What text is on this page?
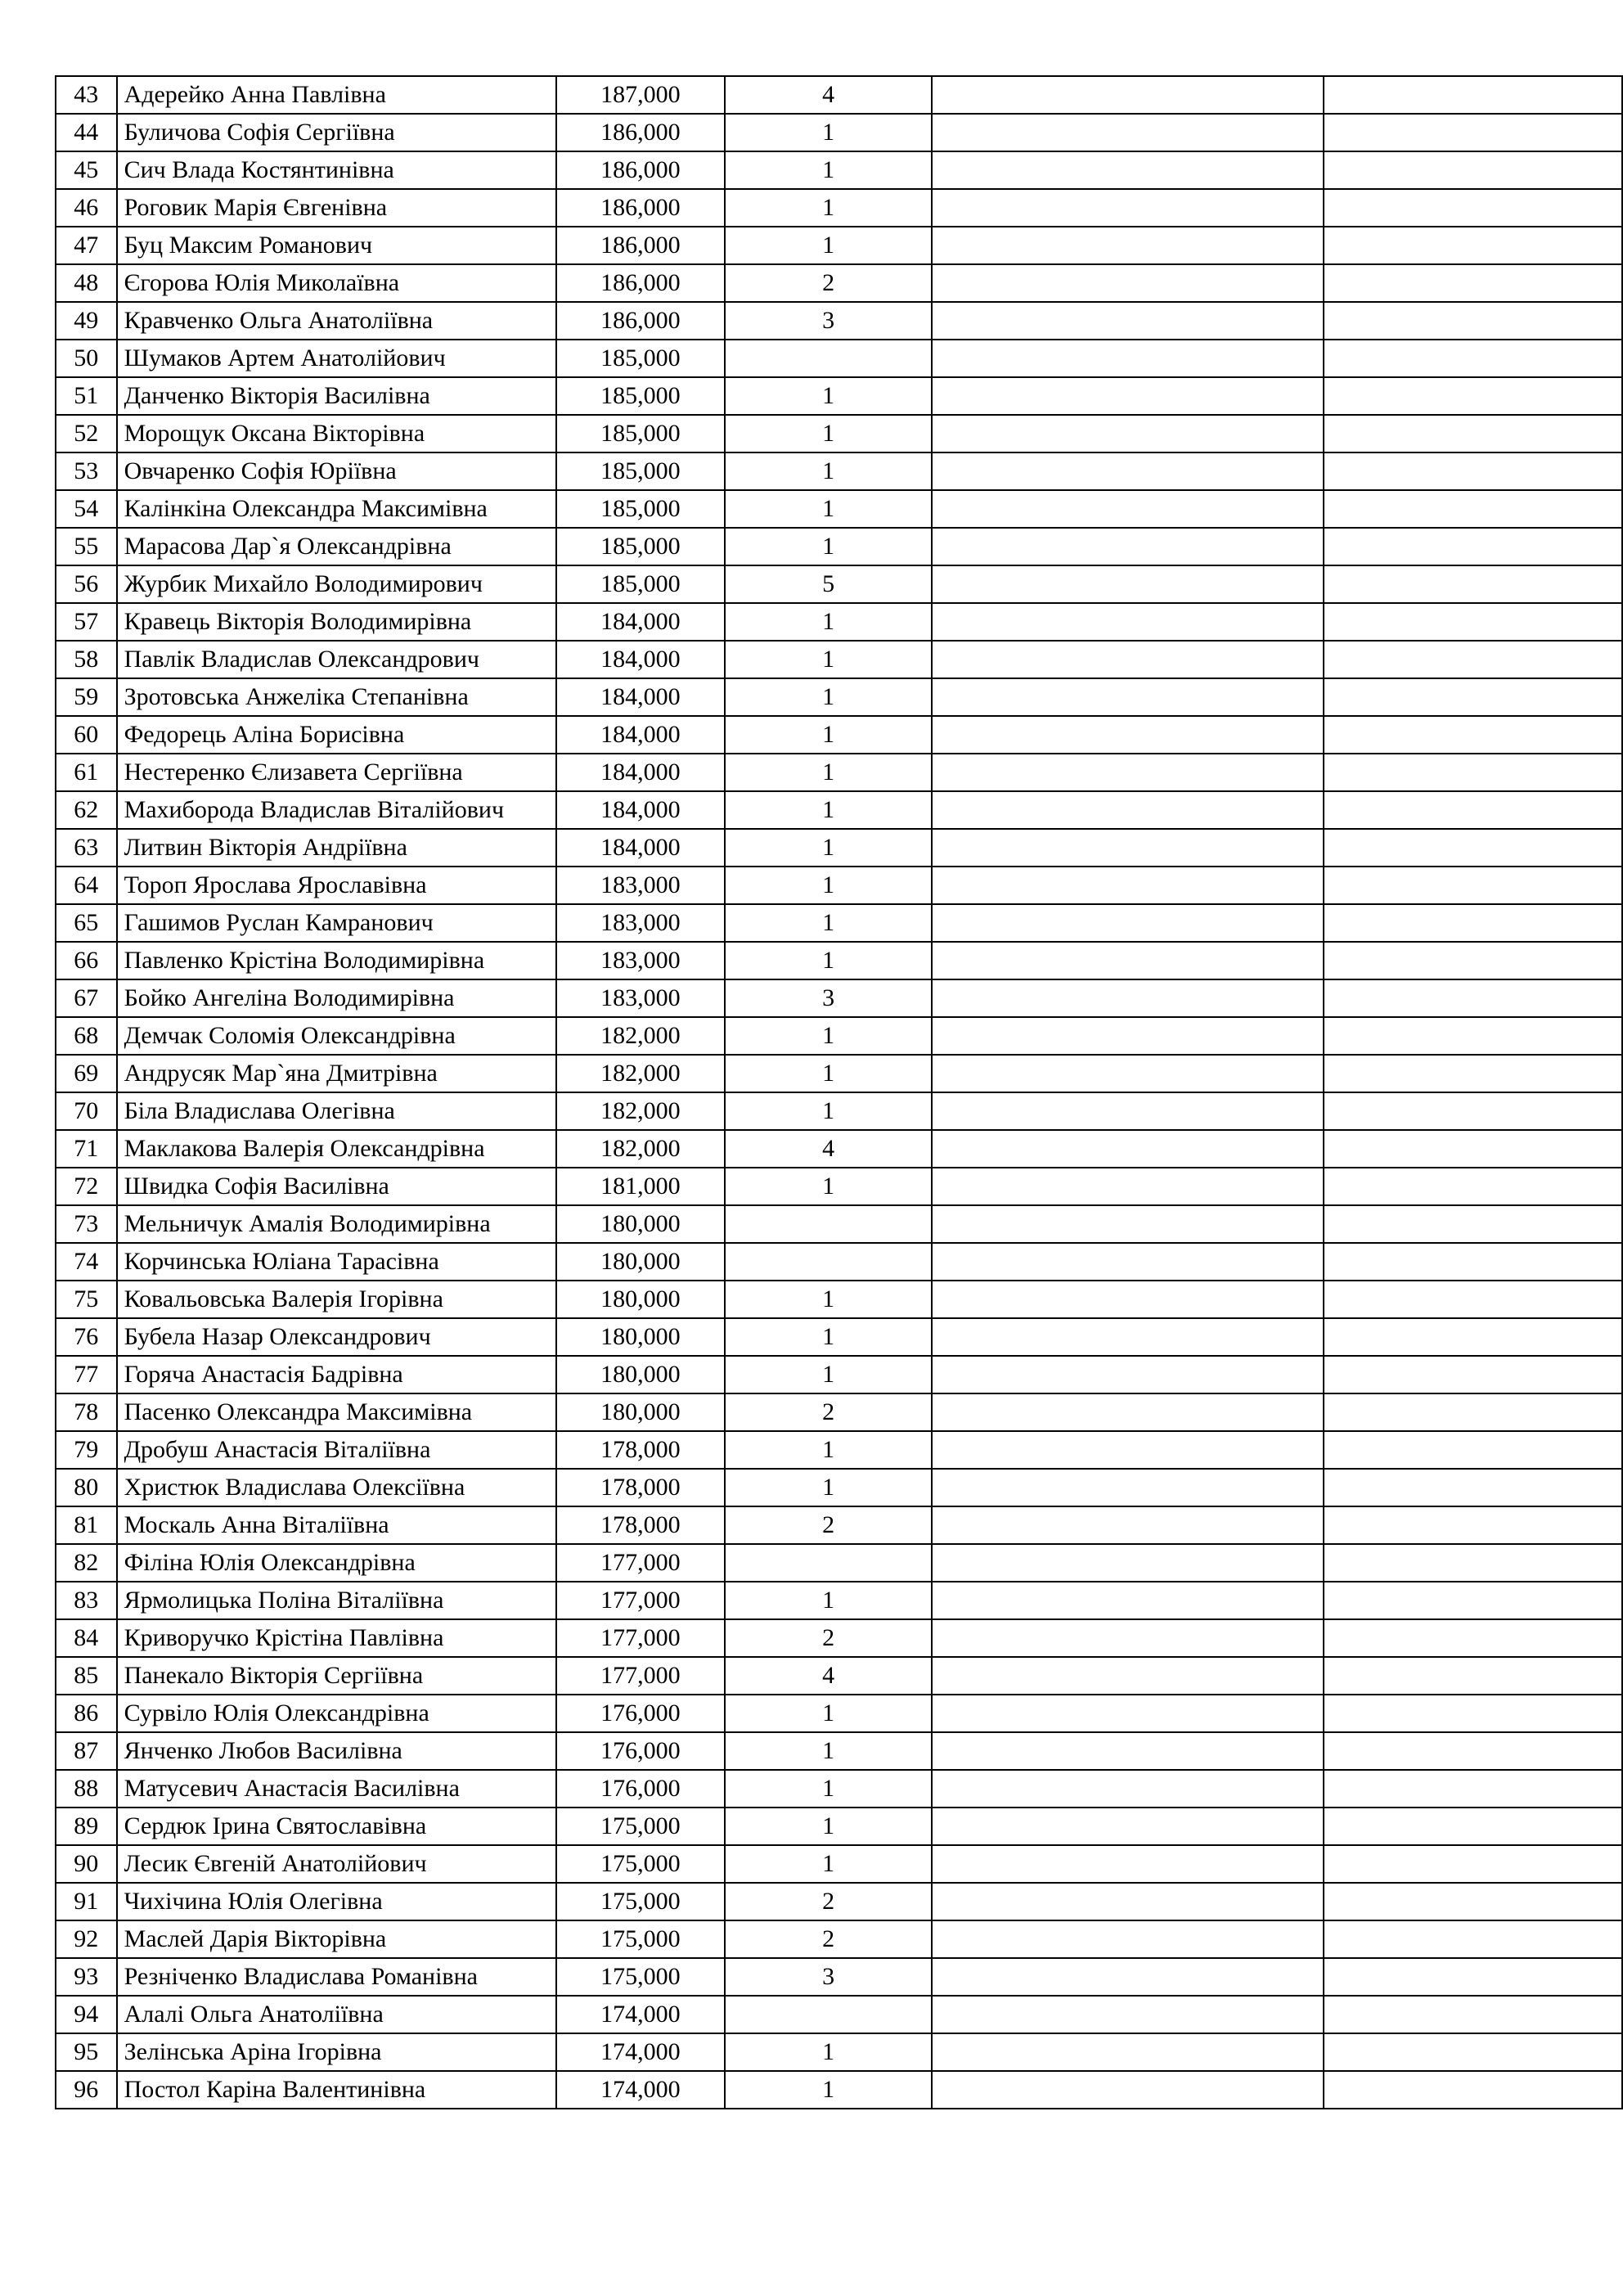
43	Адерейко Анна Павлівна	187,000	4		
44	Буличова Софія Сергіївна	186,000	1		
45	Сич Влада Костянтинівна	186,000	1		
46	Роговик Марія Євгенівна	186,000	1		
47	Буц Максим Романович	186,000	1		
48	Єгорова Юлія Миколаївна	186,000	2		
49	Кравченко Ольга Анатоліївна	186,000	3		
50	Шумаков Артем Анатолійович	185,000			
51	Данченко Вікторія Василівна	185,000	1		
52	Морощук Оксана Вікторівна	185,000	1		
53	Овчаренко Софія Юріївна	185,000	1		
54	Калінкіна Олександра Максимівна	185,000	1		
55	Марасова Дар`я Олександрівна	185,000	1		
56	Журбик Михайло Володимирович	185,000	5		
57	Кравець Вікторія Володимирівна	184,000	1		
58	Павлік Владислав Олександрович	184,000	1		
59	Зротовська Анжеліка Степанівна	184,000	1		
60	Федорець Аліна Борисівна	184,000	1		
61	Нестеренко Єлизавета Сергіївна	184,000	1		
62	Махиборода Владислав Віталійович	184,000	1		
63	Литвин Вікторія Андріївна	184,000	1		
64	Тороп Ярослава Ярославівна	183,000	1		
65	Гашимов Руслан Камранович	183,000	1		
66	Павленко Крістіна Володимирівна	183,000	1		
67	Бойко Ангеліна Володимирівна	183,000	3		
68	Демчак Соломія Олександрівна	182,000	1		
69	Андрусяк Мар`яна Дмитрівна	182,000	1		
70	Біла Владислава Олегівна	182,000	1		
71	Маклакова Валерія Олександрівна	182,000	4		
72	Швидка Софія Василівна	181,000	1		
73	Мельничук Амалія Володимирівна	180,000			
74	Корчинська Юліана Тарасівна	180,000			
75	Ковальовська Валерія Ігорівна	180,000	1		
76	Бубела Назар Олександрович	180,000	1		
77	Горяча Анастасія Бадрівна	180,000	1		
78	Пасенко Олександра Максимівна	180,000	2		
79	Дробуш Анастасія Віталіївна	178,000	1		
80	Христюк Владислава Олексіївна	178,000	1		
81	Москаль Анна Віталіївна	178,000	2		
82	Філіна Юлія Олександрівна	177,000			
83	Ярмолицька Поліна Віталіївна	177,000	1		
84	Криворучко Крістіна Павлівна	177,000	2		
85	Панекало Вікторія Сергіївна	177,000	4		
86	Сурвіло Юлія Олександрівна	176,000	1		
87	Янченко Любов Василівна	176,000	1		
88	Матусевич Анастасія Василівна	176,000	1		
89	Сердюк Ірина Святославівна	175,000	1		
90	Лесик Євгеній Анатолійович	175,000	1		
91	Чихічина Юлія Олегівна	175,000	2		
92	Маслей Дарія Вікторівна	175,000	2		
93	Резніченко Владислава Романівна	175,000	3		
94	Алалі Ольга Анатоліївна	174,000			
95	Зелінська Аріна Ігорівна	174,000	1		
96	Постол Каріна Валентинівна	174,000	1		
